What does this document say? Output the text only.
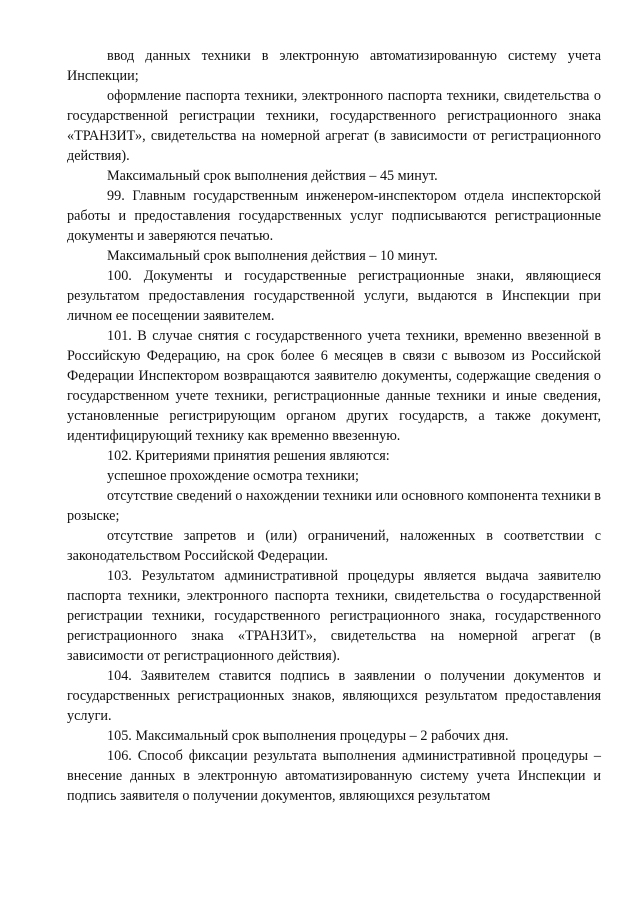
ввод данных техники в электронную автоматизированную систему учета Инспекции;

оформление паспорта техники, электронного паспорта техники, свидетельства о государственной регистрации техники, государственного регистрационного знака «ТРАНЗИТ», свидетельства на номерной агрегат (в зависимости от регистрационного действия).

Максимальный срок выполнения действия – 45 минут.

99. Главным государственным инженером-инспектором отдела инспекторской работы и предоставления государственных услуг подписываются регистрационные документы и заверяются печатью.

Максимальный срок выполнения действия – 10 минут.

100. Документы и государственные регистрационные знаки, являющиеся результатом предоставления государственной услуги, выдаются в Инспекции при личном ее посещении заявителем.

101. В случае снятия с государственного учета техники, временно ввезенной в Российскую Федерацию, на срок более 6 месяцев в связи с вывозом из Российской Федерации Инспектором возвращаются заявителю документы, содержащие сведения о государственном учете техники, регистрационные данные техники и иные сведения, установленные регистрирующим органом других государств, а также документ, идентифицирующий технику как временно ввезенную.

102. Критериями принятия решения являются:

успешное прохождение осмотра техники;

отсутствие сведений о нахождении техники или основного компонента техники в розыске;

отсутствие запретов и (или) ограничений, наложенных в соответствии с законодательством Российской Федерации.

103. Результатом административной процедуры является выдача заявителю паспорта техники, электронного паспорта техники, свидетельства о государственной регистрации техники, государственного регистрационного знака, государственного регистрационного знака «ТРАНЗИТ», свидетельства на номерной агрегат (в зависимости от регистрационного действия).

104. Заявителем ставится подпись в заявлении о получении документов и государственных регистрационных знаков, являющихся результатом предоставления услуги.

105. Максимальный срок выполнения процедуры – 2 рабочих дня.

106. Способ фиксации результата выполнения административной процедуры – внесение данных в электронную автоматизированную систему учета Инспекции и подпись заявителя о получении документов, являющихся результатом
